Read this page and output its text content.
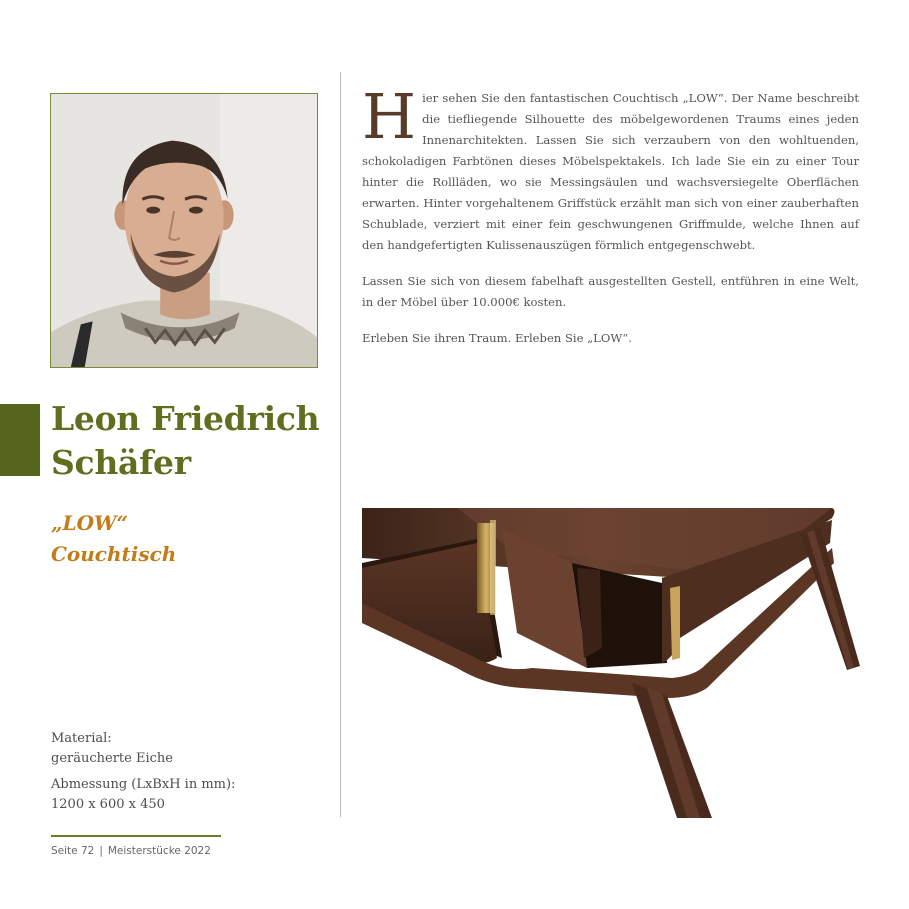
Leon Friedrich
Schäfer
„LOW“
Couchtisch
Material:
geräucherte Eiche
Abmessung (LxBxH in mm):
1200 x 600 x 450
Seite 72 | Meisterstücke 2022

Hier sehen Sie den fantastischen Couchtisch „LOW“. Der Name beschreibt die tiefliegende Silhouette des möbelgewordenen Traums eines jeden Innenarchitekten. Lassen Sie sich verzaubern von den wohltuenden, schokoladigen Farbtönen dieses Möbelspektakels. Ich lade Sie ein zu einer Tour hinter die Rollläden, wo sie Messingsäulen und wachsversiegelte Oberflächen erwarten. Hinter vorgehaltenem Griffstück erzählt man sich von einer zauberhaften Schublade, verziert mit einer fein geschwungenen Griffmulde, welche Ihnen auf den handgefertigten Kulissenauszügen förmlich entgegenschwebt.

Lassen Sie sich von diesem fabelhaft ausgestellten Gestell, entführen in eine Welt, in der Möbel über 10.000€ kosten.

Erleben Sie ihren Traum. Erleben Sie „LOW“.
